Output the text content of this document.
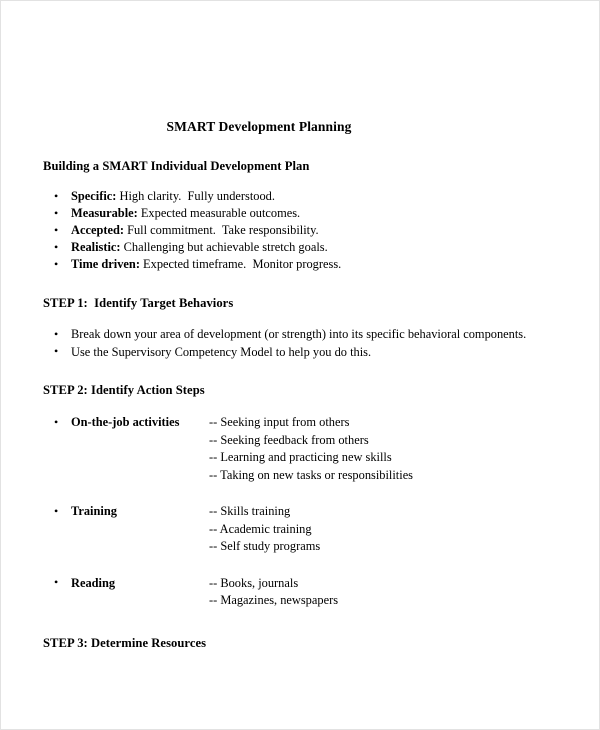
SMART Development Planning
Building a SMART Individual Development Plan
• Specific: High clarity.  Fully understood.
• Measurable: Expected measurable outcomes.
• Accepted: Full commitment.  Take responsibility.
• Realistic: Challenging but achievable stretch goals.
• Time driven: Expected timeframe.  Monitor progress.
STEP 1:  Identify Target Behaviors
• Break down your area of development (or strength) into its specific behavioral components.
• Use the Supervisory Competency Model to help you do this.
STEP 2: Identify Action Steps
• On-the-job activities	-- Seeking input from others
-- Seeking feedback from others
-- Learning and practicing new skills
-- Taking on new tasks or responsibilities
• Training	-- Skills training
-- Academic training
-- Self study programs
• Reading	-- Books, journals
-- Magazines, newspapers
STEP 3: Determine Resources
